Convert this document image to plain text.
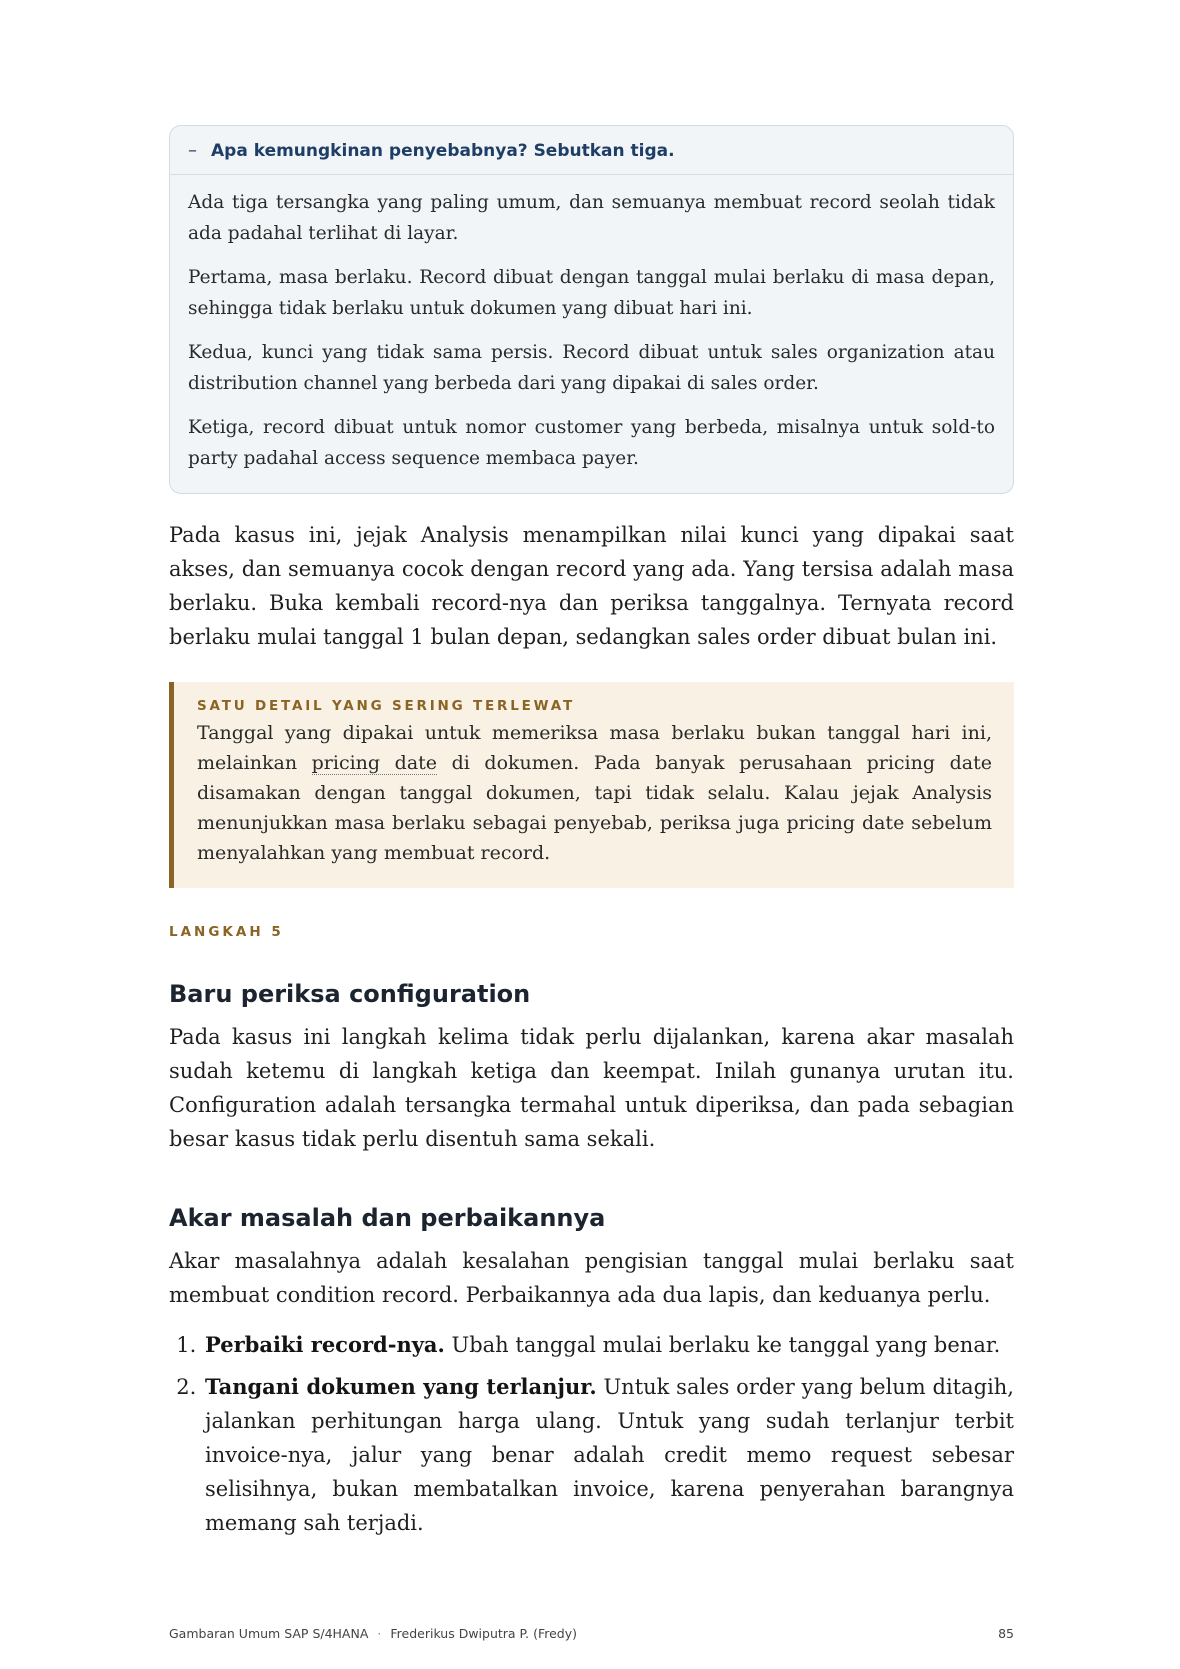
– Apa kemungkinan penyebabnya? Sebutkan tiga.

Ada tiga tersangka yang paling umum, dan semuanya membuat record seolah tidak ada padahal terlihat di layar.

Pertama, masa berlaku. Record dibuat dengan tanggal mulai berlaku di masa depan, sehingga tidak berlaku untuk dokumen yang dibuat hari ini.

Kedua, kunci yang tidak sama persis. Record dibuat untuk sales organization atau distribution channel yang berbeda dari yang dipakai di sales order.

Ketiga, record dibuat untuk nomor customer yang berbeda, misalnya untuk sold-to party padahal access sequence membaca payer.

Pada kasus ini, jejak Analysis menampilkan nilai kunci yang dipakai saat akses, dan semuanya cocok dengan record yang ada. Yang tersisa adalah masa berlaku. Buka kembali record-nya dan periksa tanggalnya. Ternyata record berlaku mulai tanggal 1 bulan depan, sedangkan sales order dibuat bulan ini.

SATU DETAIL YANG SERING TERLEWAT

Tanggal yang dipakai untuk memeriksa masa berlaku bukan tanggal hari ini, melainkan pricing date di dokumen. Pada banyak perusahaan pricing date disamakan dengan tanggal dokumen, tapi tidak selalu. Kalau jejak Analysis menunjukkan masa berlaku sebagai penyebab, periksa juga pricing date sebelum menyalahkan yang membuat record.

LANGKAH 5
Baru periksa configuration

Pada kasus ini langkah kelima tidak perlu dijalankan, karena akar masalah sudah ketemu di langkah ketiga dan keempat. Inilah gunanya urutan itu. Configuration adalah tersangka termahal untuk diperiksa, dan pada sebagian besar kasus tidak perlu disentuh sama sekali.

Akar masalah dan perbaikannya

Akar masalahnya adalah kesalahan pengisian tanggal mulai berlaku saat membuat condition record. Perbaikannya ada dua lapis, dan keduanya perlu.

1. Perbaiki record-nya. Ubah tanggal mulai berlaku ke tanggal yang benar.
2. Tangani dokumen yang terlanjur. Untuk sales order yang belum ditagih, jalankan perhitungan harga ulang. Untuk yang sudah terlanjur terbit invoice-nya, jalur yang benar adalah credit memo request sebesar selisihnya, bukan membatalkan invoice, karena penyerahan barangnya memang sah terjadi.
Gambaran Umum SAP S/4HANA · Frederikus Dwiputra P. (Fredy)	85
